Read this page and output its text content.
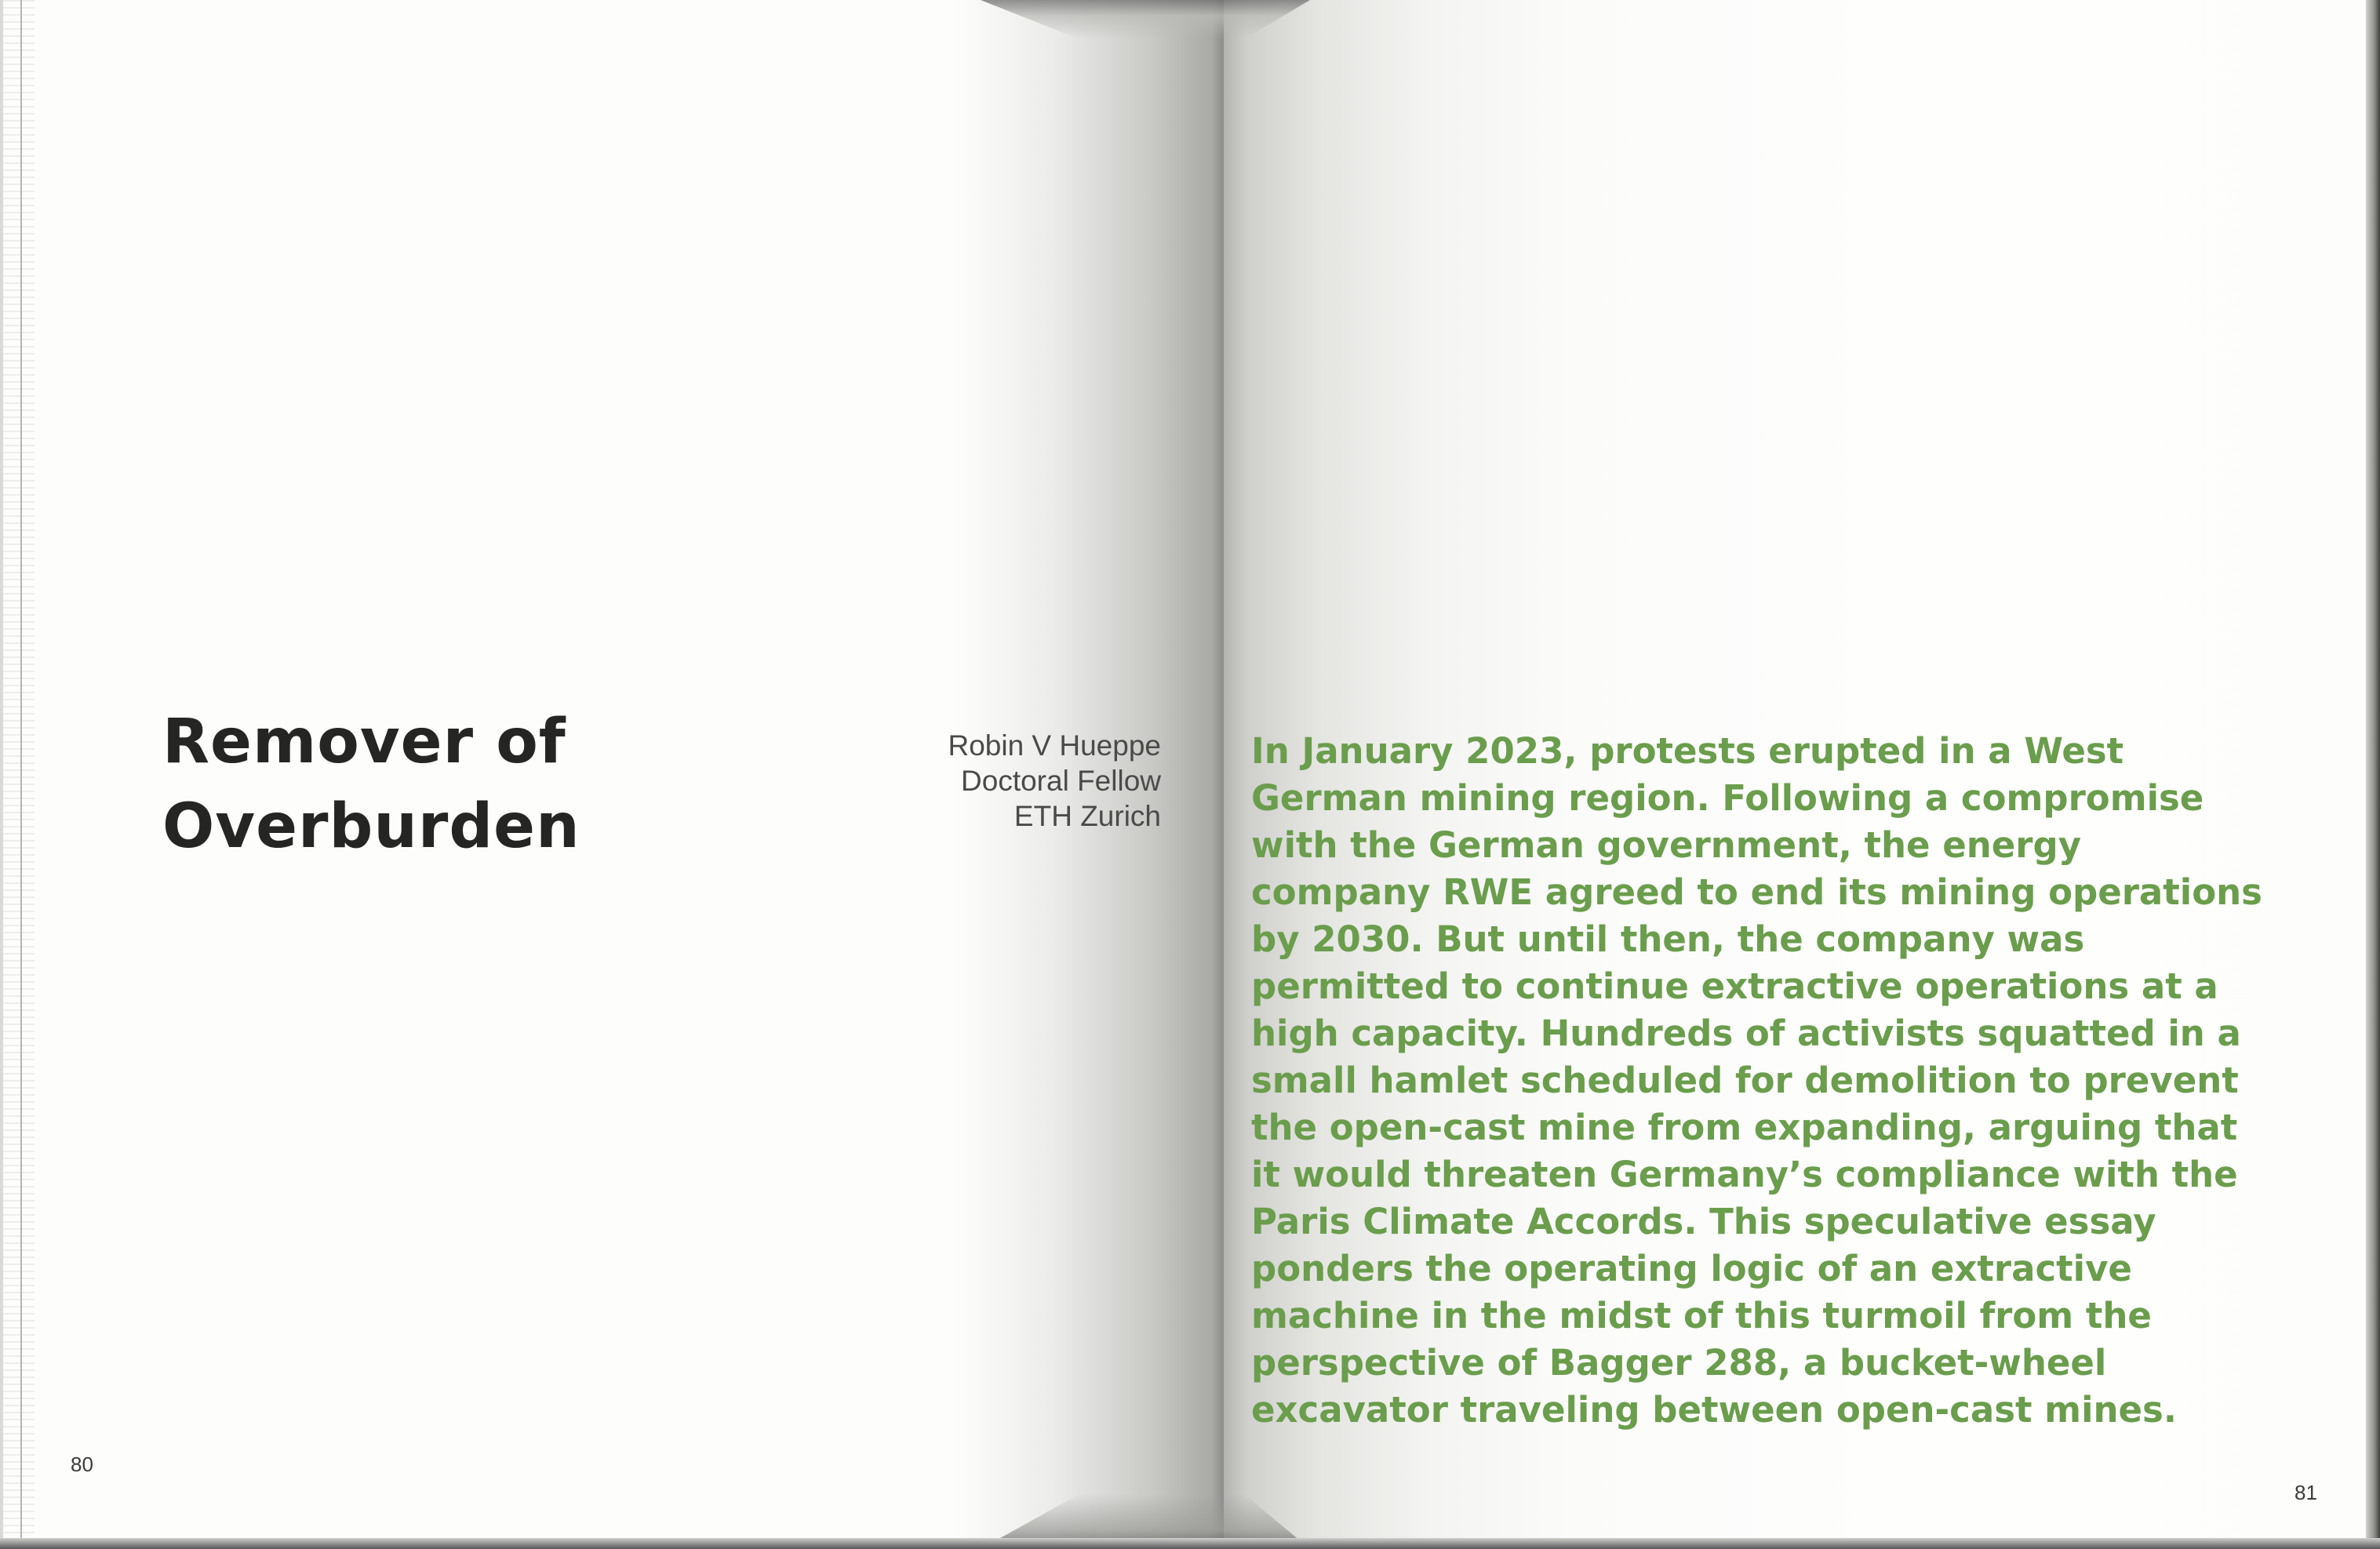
Remover of
Overburden
Robin V Hueppe
Doctoral Fellow
ETH Zurich

In January 2023, protests erupted in a West
German mining region. Following a compromise
with the German government, the energy
company RWE agreed to end its mining operations
by 2030. But until then, the company was
permitted to continue extractive operations at a
high capacity. Hundreds of activists squatted in a
small hamlet scheduled for demolition to prevent
the open-cast mine from expanding, arguing that
it would threaten Germany’s compliance with the
Paris Climate Accords. This speculative essay
ponders the operating logic of an extractive
machine in the midst of this turmoil from the
perspective of Bagger 288, a bucket-wheel
excavator traveling between open-cast mines.

80
81
